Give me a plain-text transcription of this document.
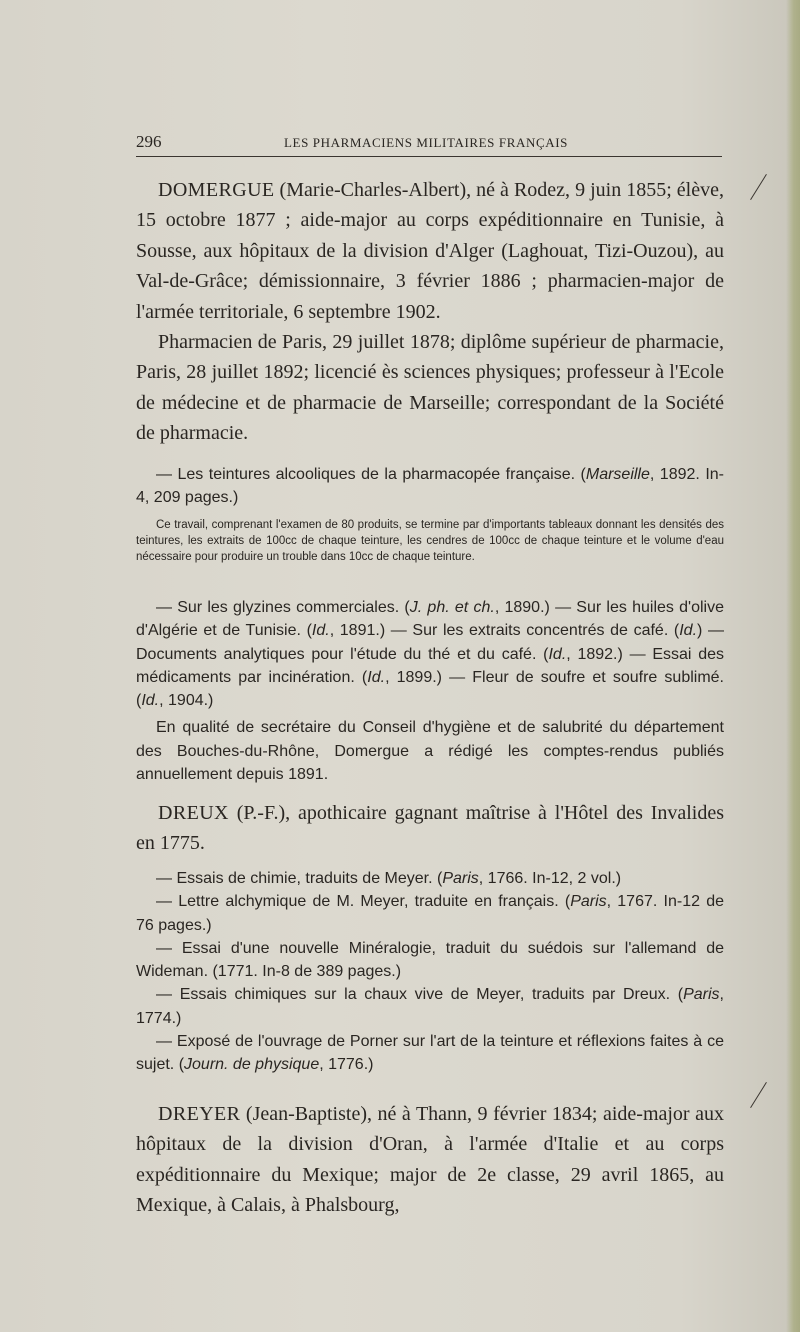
296	LES PHARMACIENS MILITAIRES FRANÇAIS

DOMERGUE (Marie-Charles-Albert), né à Rodez, 9 juin 1855; élève, 15 octobre 1877 ; aide-major au corps expéditionnaire en Tunisie, à Sousse, aux hôpitaux de la division d'Alger (Laghouat, Tizi-Ouzou), au Val-de-Grâce; démissionnaire, 3 février 1886 ; pharmacien-major de l'armée territoriale, 6 septembre 1902.

Pharmacien de Paris, 29 juillet 1878; diplôme supérieur de pharmacie, Paris, 28 juillet 1892; licencié ès sciences physiques; professeur à l'Ecole de médecine et de pharmacie de Marseille; correspondant de la Société de pharmacie.

— Les teintures alcooliques de la pharmacopée française. (Marseille, 1892. In-4, 209 pages.)

Ce travail, comprenant l'examen de 80 produits, se termine par d'importants tableaux donnant les densités des teintures, les extraits de 100cc de chaque teinture, les cendres de 100cc de chaque teinture et le volume d'eau nécessaire pour produire un trouble dans 10cc de chaque teinture.

— Sur les glyzines commerciales. (J. ph. et ch., 1890.) — Sur les huiles d'olive d'Algérie et de Tunisie. (Id., 1891.) — Sur les extraits concentrés de café. (Id.) — Documents analytiques pour l'étude du thé et du café. (Id., 1892.) — Essai des médicaments par incinération. (Id., 1899.) — Fleur de soufre et soufre sublimé. (Id., 1904.)

En qualité de secrétaire du Conseil d'hygiène et de salubrité du département des Bouches-du-Rhône, Domergue a rédigé les comptes-rendus publiés annuellement depuis 1891.

DREUX (P.-F.), apothicaire gagnant maîtrise à l'Hôtel des Invalides en 1775.

— Essais de chimie, traduits de Meyer. (Paris, 1766. In-12, 2 vol.)

— Lettre alchymique de M. Meyer, traduite en français. (Paris, 1767. In-12 de 76 pages.)

— Essai d'une nouvelle Minéralogie, traduit du suédois sur l'allemand de Wideman. (1771. In-8 de 389 pages.)

— Essais chimiques sur la chaux vive de Meyer, traduits par Dreux. (Paris, 1774.)

— Exposé de l'ouvrage de Porner sur l'art de la teinture et réflexions faites à ce sujet. (Journ. de physique, 1776.)

DREYER (Jean-Baptiste), né à Thann, 9 février 1834; aide-major aux hôpitaux de la division d'Oran, à l'armée d'Italie et au corps expéditionnaire du Mexique; major de 2e classe, 29 avril 1865, au Mexique, à Calais, à Phalsbourg,
